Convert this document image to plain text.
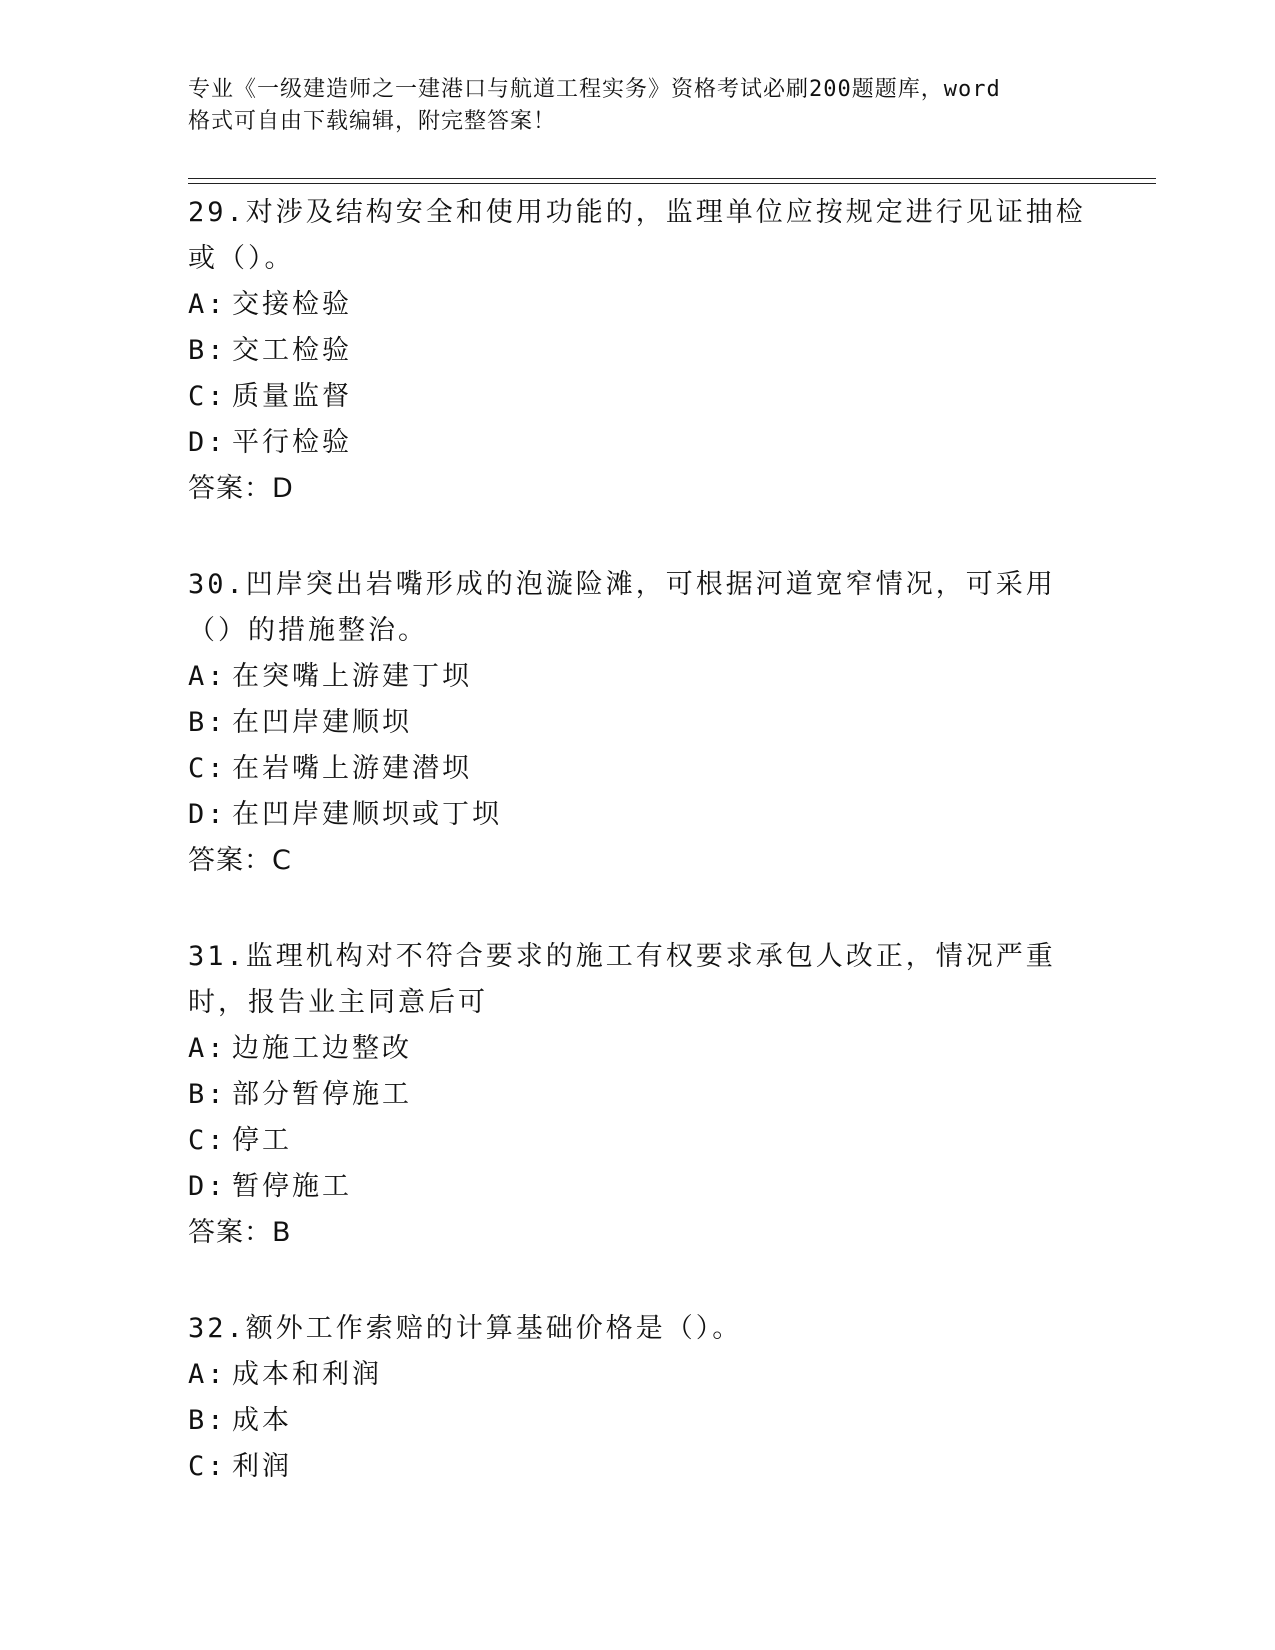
专业《一级建造师之一建港口与航道工程实务》资格考试必刷200题题库，word
格式可自由下载编辑，附完整答案！

29.对涉及结构安全和使用功能的，监理单位应按规定进行见证抽检或（）。

A: 交接检验
B: 交工检验
C: 质量监督
D: 平行检验
答案：D

30.凹岸突出岩嘴形成的泡漩险滩，可根据河道宽窄情况，可采用（）的措施整治。

A: 在突嘴上游建丁坝
B: 在凹岸建顺坝
C: 在岩嘴上游建潜坝
D: 在凹岸建顺坝或丁坝
答案：C

31.监理机构对不符合要求的施工有权要求承包人改正，情况严重时，报告业主同意后可

A: 边施工边整改
B: 部分暂停施工
C: 停工
D: 暂停施工
答案：B

32.额外工作索赔的计算基础价格是（）。

A: 成本和利润
B: 成本
C: 利润
